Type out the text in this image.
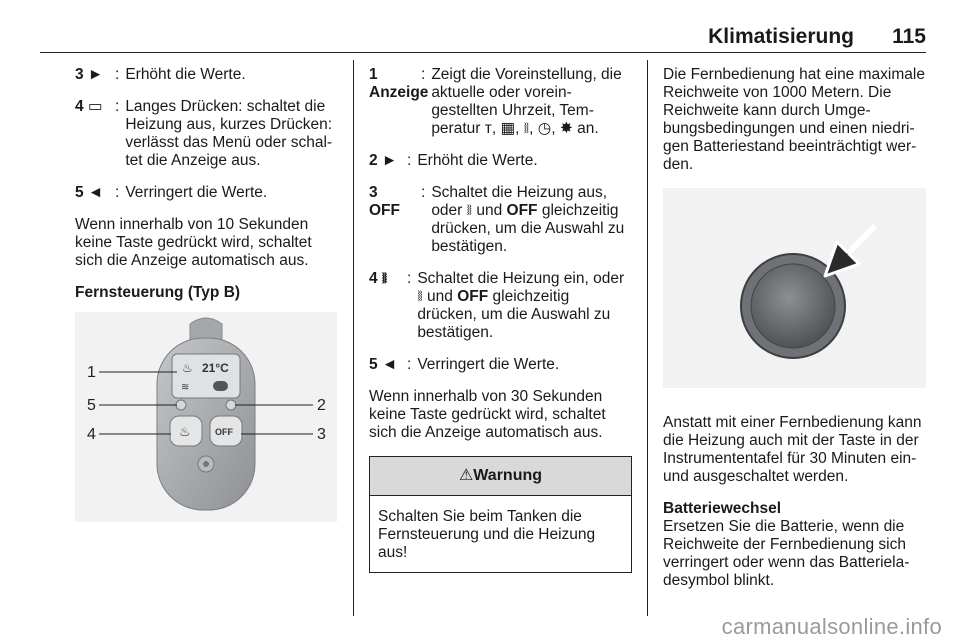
Klimatisierung 115
3 ► : Erhöht die Werte.
4 ▭ : Langes Drücken: schaltet die Heizung aus, kurzes Drücken: verlässt das Menü oder schaltet die Anzeige aus.
5 ◄ : Verringert die Werte.

Wenn innerhalb von 10 Sekunden keine Taste gedrückt wird, schaltet sich die Anzeige automatisch aus.

Fernsteuerung (Typ B)

♨ 21°C
≋
♨	OFF
1
5
4
2
3
1
Anzeige
: Zeigt die Voreinstellung, die aktuelle oder voreingestellten Uhrzeit, Temperatur ᴛ, ▦, ⧚, ◷, ✸ an.
2 ► : Erhöht die Werte.
3
OFF
: Schaltet die Heizung aus, oder ⧚ und OFF gleichzeitig drücken, um die Auswahl zu bestätigen.
4 ⧚	: Schaltet die Heizung ein, oder ⧚ und OFF gleichzeitig drücken, um die Auswahl zu bestätigen.
5 ◄ : Verringert die Werte.

Wenn innerhalb von 30 Sekunden keine Taste gedrückt wird, schaltet sich die Anzeige automatisch aus.

⚠Warnung
Schalten Sie beim Tanken die Fernsteuerung und die Heizung aus!

Die Fernbedienung hat eine maximale Reichweite von 1000 Metern. Die Reichweite kann durch Umgebungsbedingungen und einen niedrigen Batteriestand beeinträchtigt werden.

Anstatt mit einer Fernbedienung kann die Heizung auch mit der Taste in der Instrumententafel für 30 Minuten ein- und ausgeschaltet werden.

Batteriewechsel

Ersetzen Sie die Batterie, wenn die Reichweite der Fernbedienung sich verringert oder wenn das Batterieladesymbol blinkt.

carmanualsonline.info
